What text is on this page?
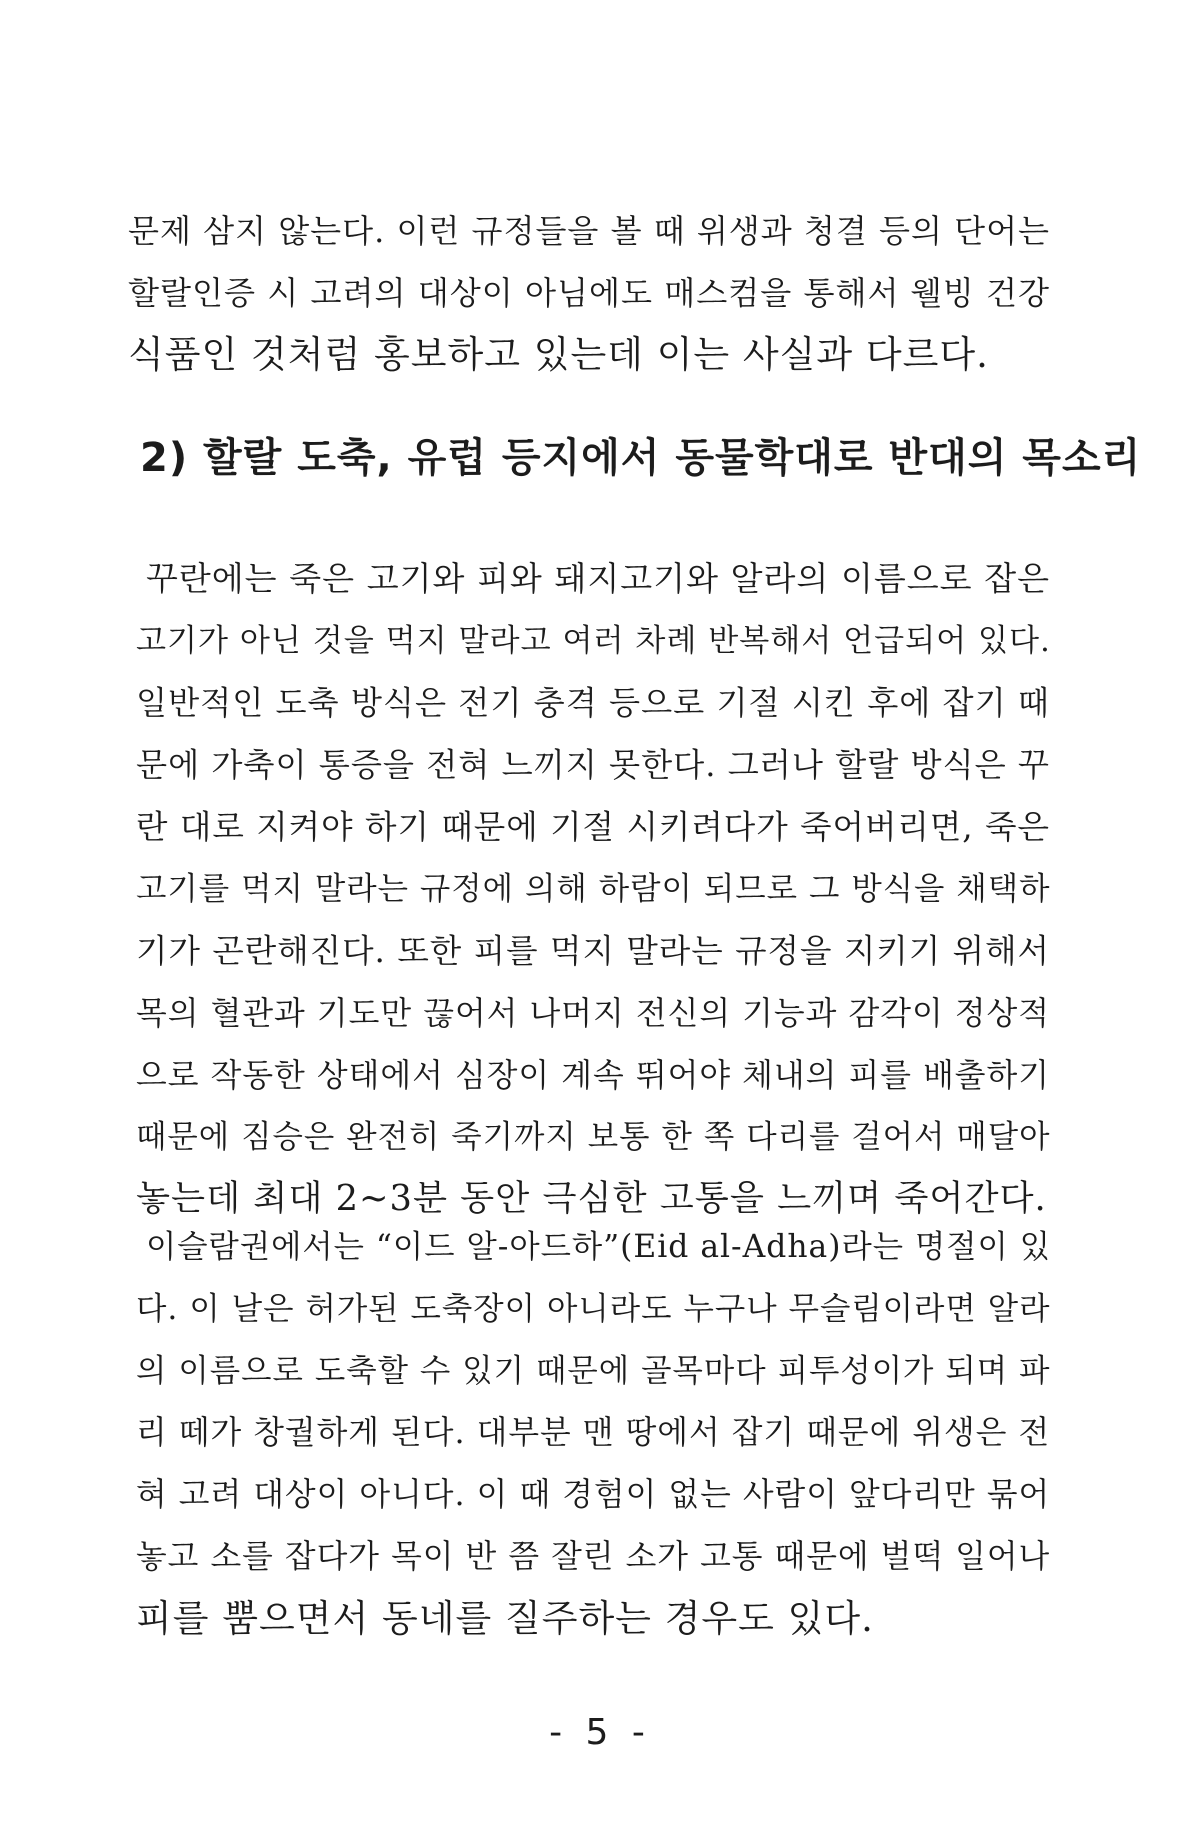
문제 삼지 않는다. 이런 규정들을 볼 때 위생과 청결 등의 단어는
할랄인증 시 고려의 대상이 아님에도 매스컴을 통해서 웰빙 건강
식품인 것처럼 홍보하고 있는데 이는 사실과 다르다.

2) 할랄 도축, 유럽 등지에서 동물학대로 반대의 목소리

꾸란에는 죽은 고기와 피와 돼지고기와 알라의 이름으로 잡은
고기가 아닌 것을 먹지 말라고 여러 차례 반복해서 언급되어 있다.
일반적인 도축 방식은 전기 충격 등으로 기절 시킨 후에 잡기 때
문에 가축이 통증을 전혀 느끼지 못한다. 그러나 할랄 방식은 꾸
란 대로 지켜야 하기 때문에 기절 시키려다가 죽어버리면, 죽은
고기를 먹지 말라는 규정에 의해 하람이 되므로 그 방식을 채택하
기가 곤란해진다. 또한 피를 먹지 말라는 규정을 지키기 위해서
목의 혈관과 기도만 끊어서 나머지 전신의 기능과 감각이 정상적
으로 작동한 상태에서 심장이 계속 뛰어야 체내의 피를 배출하기
때문에 짐승은 완전히 죽기까지 보통 한 쪽 다리를 걸어서 매달아
놓는데 최대 2~3분 동안 극심한 고통을 느끼며 죽어간다.

이슬람권에서는 “이드 알-아드하”(Eid al-Adha)라는 명절이 있
다. 이 날은 허가된 도축장이 아니라도 누구나 무슬림이라면 알라
의 이름으로 도축할 수 있기 때문에 골목마다 피투성이가 되며 파
리 떼가 창궐하게 된다. 대부분 맨 땅에서 잡기 때문에 위생은 전
혀 고려 대상이 아니다. 이 때 경험이 없는 사람이 앞다리만 묶어
놓고 소를 잡다가 목이 반 쯤 잘린 소가 고통 때문에 벌떡 일어나
피를 뿜으면서 동네를 질주하는 경우도 있다.

- 5 -
